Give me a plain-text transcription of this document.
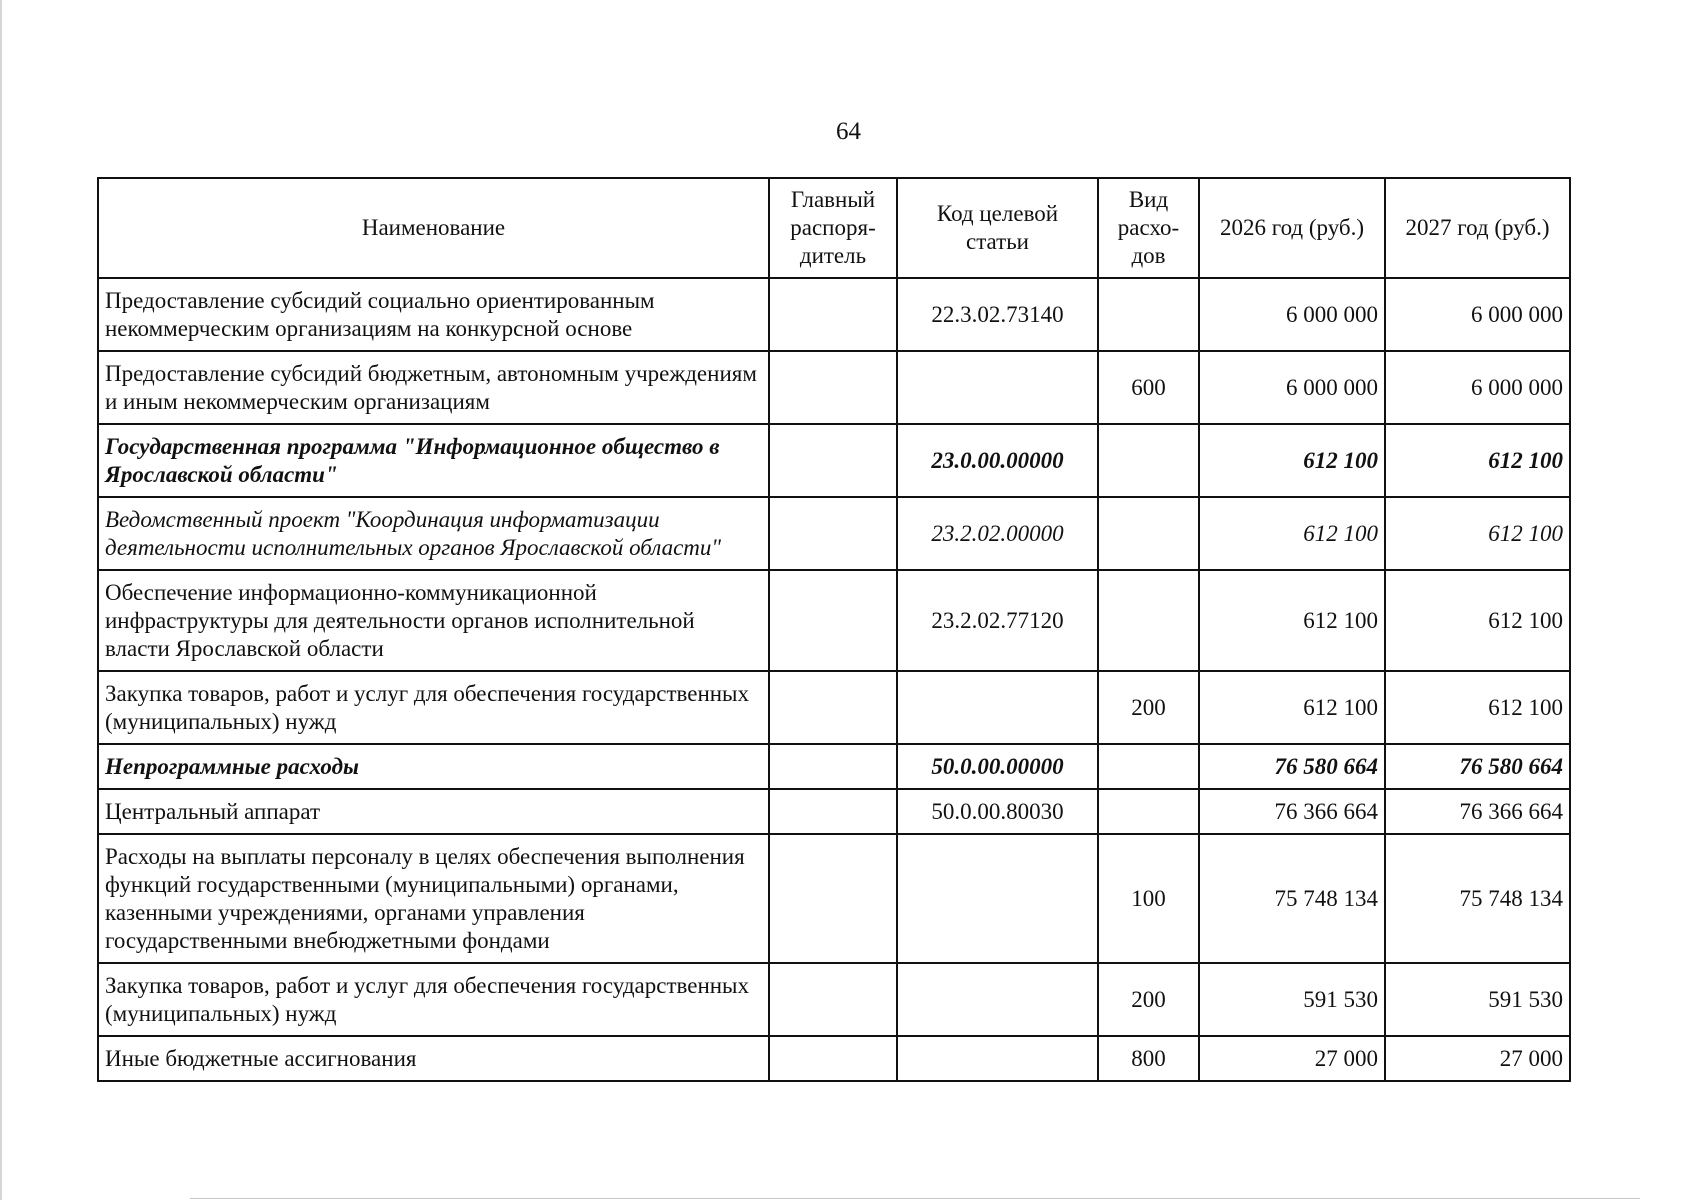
64
Наименование	Главный распоря-дитель	Код целевой статьи	Вид расхо-дов	2026 год (руб.)	2027 год (руб.)
Предоставление субсидий социально ориентированным некоммерческим организациям на конкурсной основе		22.3.02.73140		6 000 000	6 000 000
Предоставление субсидий бюджетным, автономным учреждениям и иным некоммерческим организациям			600	6 000 000	6 000 000
Государственная программа "Информационное общество в Ярославской области"		23.0.00.00000		612 100	612 100
Ведомственный проект "Координация информатизации деятельности исполнительных органов Ярославской области"		23.2.02.00000		612 100	612 100
Обеспечение информационно-коммуникационной инфраструктуры для деятельности органов исполнительной власти Ярославской области		23.2.02.77120		612 100	612 100
Закупка товаров, работ и услуг для обеспечения государственных (муниципальных) нужд			200	612 100	612 100
Непрограммные расходы		50.0.00.00000		76 580 664	76 580 664
Центральный аппарат		50.0.00.80030		76 366 664	76 366 664
Расходы на выплаты персоналу в целях обеспечения выполнения функций государственными (муниципальными) органами, казенными учреждениями, органами управления государственными внебюджетными фондами			100	75 748 134	75 748 134
Закупка товаров, работ и услуг для обеспечения государственных (муниципальных) нужд			200	591 530	591 530
Иные бюджетные ассигнования			800	27 000	27 000
